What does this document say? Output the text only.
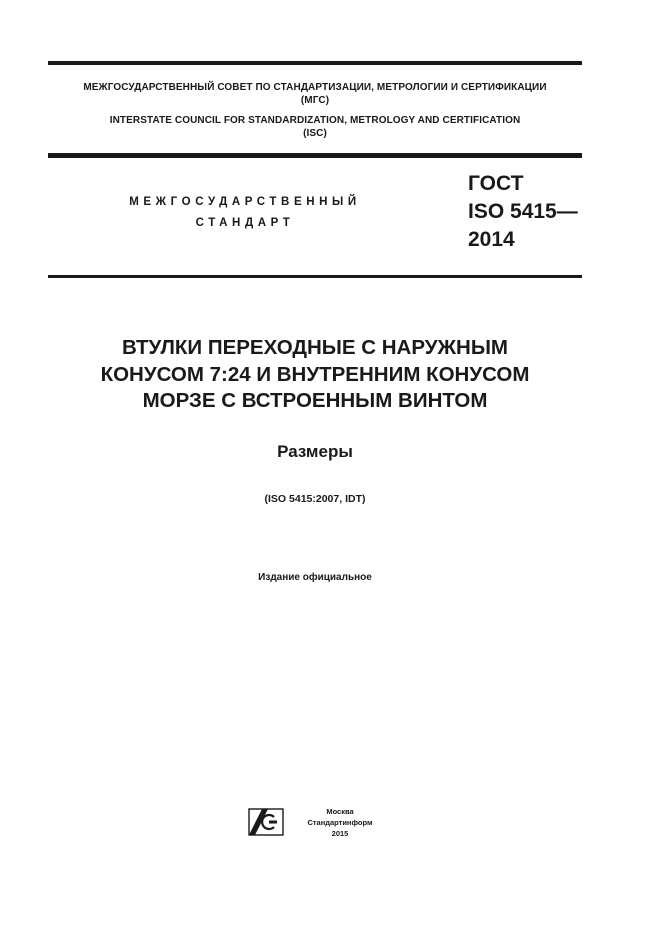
МЕЖГОСУДАРСТВЕННЫЙ СОВЕТ ПО СТАНДАРТИЗАЦИИ, МЕТРОЛОГИИ И СЕРТИФИКАЦИИ
(МГС)
INTERSTATE COUNCIL FOR STANDARDIZATION, METROLOGY AND CERTIFICATION
(ISC)
МЕЖГОСУДАРСТВЕННЫЙ
СТАНДАРТ
ГОСТ
ISO 5415—
2014
ВТУЛКИ ПЕРЕХОДНЫЕ С НАРУЖНЫМ
КОНУСОМ 7:24 И ВНУТРЕННИМ КОНУСОМ
МОРЗЕ С ВСТРОЕННЫМ ВИНТОМ
Размеры
(ISO 5415:2007, IDT)
Издание официальное
Москва
Стандартинформ
2015
